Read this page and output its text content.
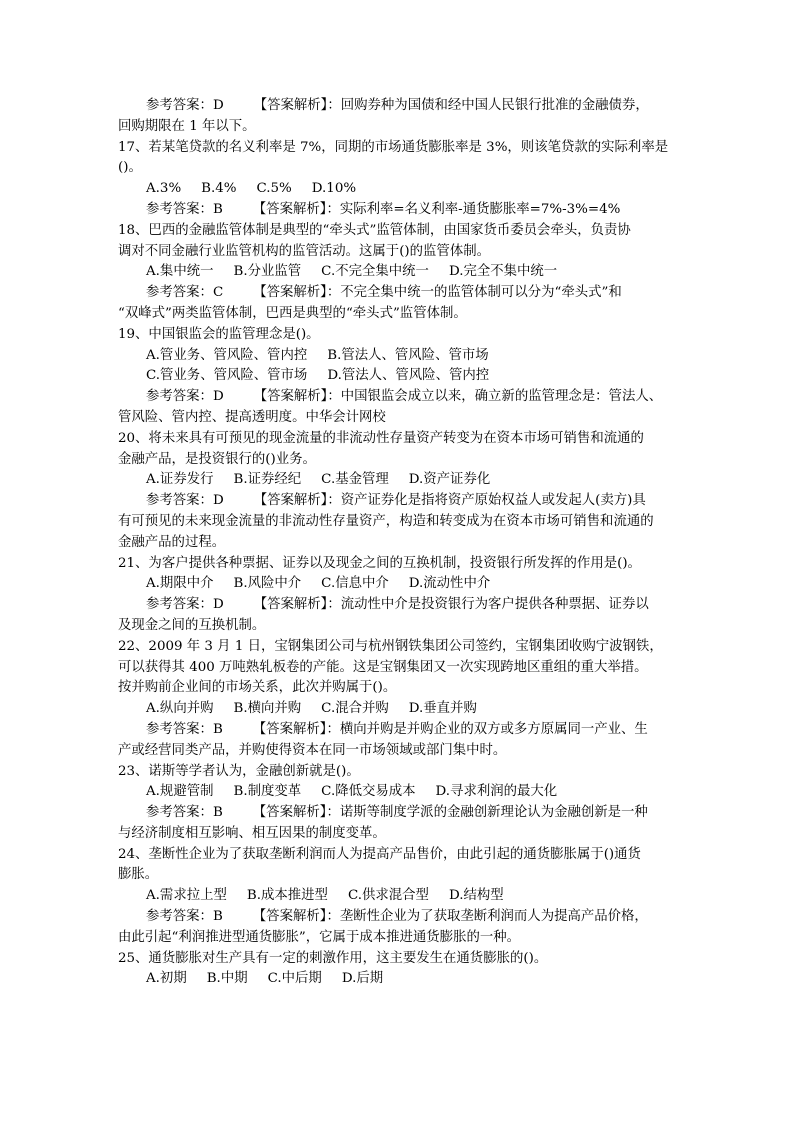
参考答案：D 【答案解析】：回购券种为国债和经中国人民银行批准的金融债券，
回购期限在 1 年以下。
17、若某笔贷款的名义利率是 7%，同期的市场通货膨胀率是 3%，则该笔贷款的实际利率是
()。
A.3% B.4% C.5% D.10%
参考答案：B 【答案解析】：实际利率=名义利率-通货膨胀率=7%-3%=4%
18、巴西的金融监管体制是典型的“牵头式”监管体制，由国家货币委员会牵头，负责协
调对不同金融行业监管机构的监管活动。这属于()的监管体制。
A.集中统一 B.分业监管 C.不完全集中统一 D.完全不集中统一
参考答案：C 【答案解析】：不完全集中统一的监管体制可以分为“牵头式”和
“双峰式”两类监管体制，巴西是典型的“牵头式”监管体制。
19、中国银监会的监管理念是()。
A.管业务、管风险、管内控 B.管法人、管风险、管市场
C.管业务、管风险、管市场 D.管法人、管风险、管内控
参考答案：D 【答案解析】：中国银监会成立以来，确立新的监管理念是：管法人、
管风险、管内控、提高透明度。中华会计网校
20、将未来具有可预见的现金流量的非流动性存量资产转变为在资本市场可销售和流通的
金融产品，是投资银行的()业务。
A.证券发行 B.证券经纪 C.基金管理 D.资产证券化
参考答案：D 【答案解析】：资产证券化是指将资产原始权益人或发起人(卖方)具
有可预见的未来现金流量的非流动性存量资产，构造和转变成为在资本市场可销售和流通的
金融产品的过程。
21、为客户提供各种票据、证券以及现金之间的互换机制，投资银行所发挥的作用是()。
A.期限中介 B.风险中介 C.信息中介 D.流动性中介
参考答案：D 【答案解析】：流动性中介是投资银行为客户提供各种票据、证券以
及现金之间的互换机制。
22、2009 年 3 月 1 日，宝钢集团公司与杭州钢铁集团公司签约，宝钢集团收购宁波钢铁，
可以获得其 400 万吨熟轧板卷的产能。这是宝钢集团又一次实现跨地区重组的重大举措。
按并购前企业间的市场关系，此次并购属于()。
A.纵向并购 B.横向并购 C.混合并购 D.垂直并购
参考答案：B 【答案解析】：横向并购是并购企业的双方或多方原属同一产业、生
产或经营同类产品，并购使得资本在同一市场领域或部门集中时。
23、诺斯等学者认为，金融创新就是()。
A.规避管制 B.制度变革 C.降低交易成本 D.寻求利润的最大化
参考答案：B 【答案解析】：诺斯等制度学派的金融创新理论认为金融创新是一种
与经济制度相互影响、相互因果的制度变革。
24、垄断性企业为了获取垄断利润而人为提高产品售价，由此引起的通货膨胀属于()通货
膨胀。
A.需求拉上型 B.成本推进型 C.供求混合型 D.结构型
参考答案：B 【答案解析】：垄断性企业为了获取垄断利润而人为提高产品价格，
由此引起“利润推进型通货膨胀”，它属于成本推进通货膨胀的一种。
25、通货膨胀对生产具有一定的刺激作用，这主要发生在通货膨胀的()。
A.初期 B.中期 C.中后期 D.后期
